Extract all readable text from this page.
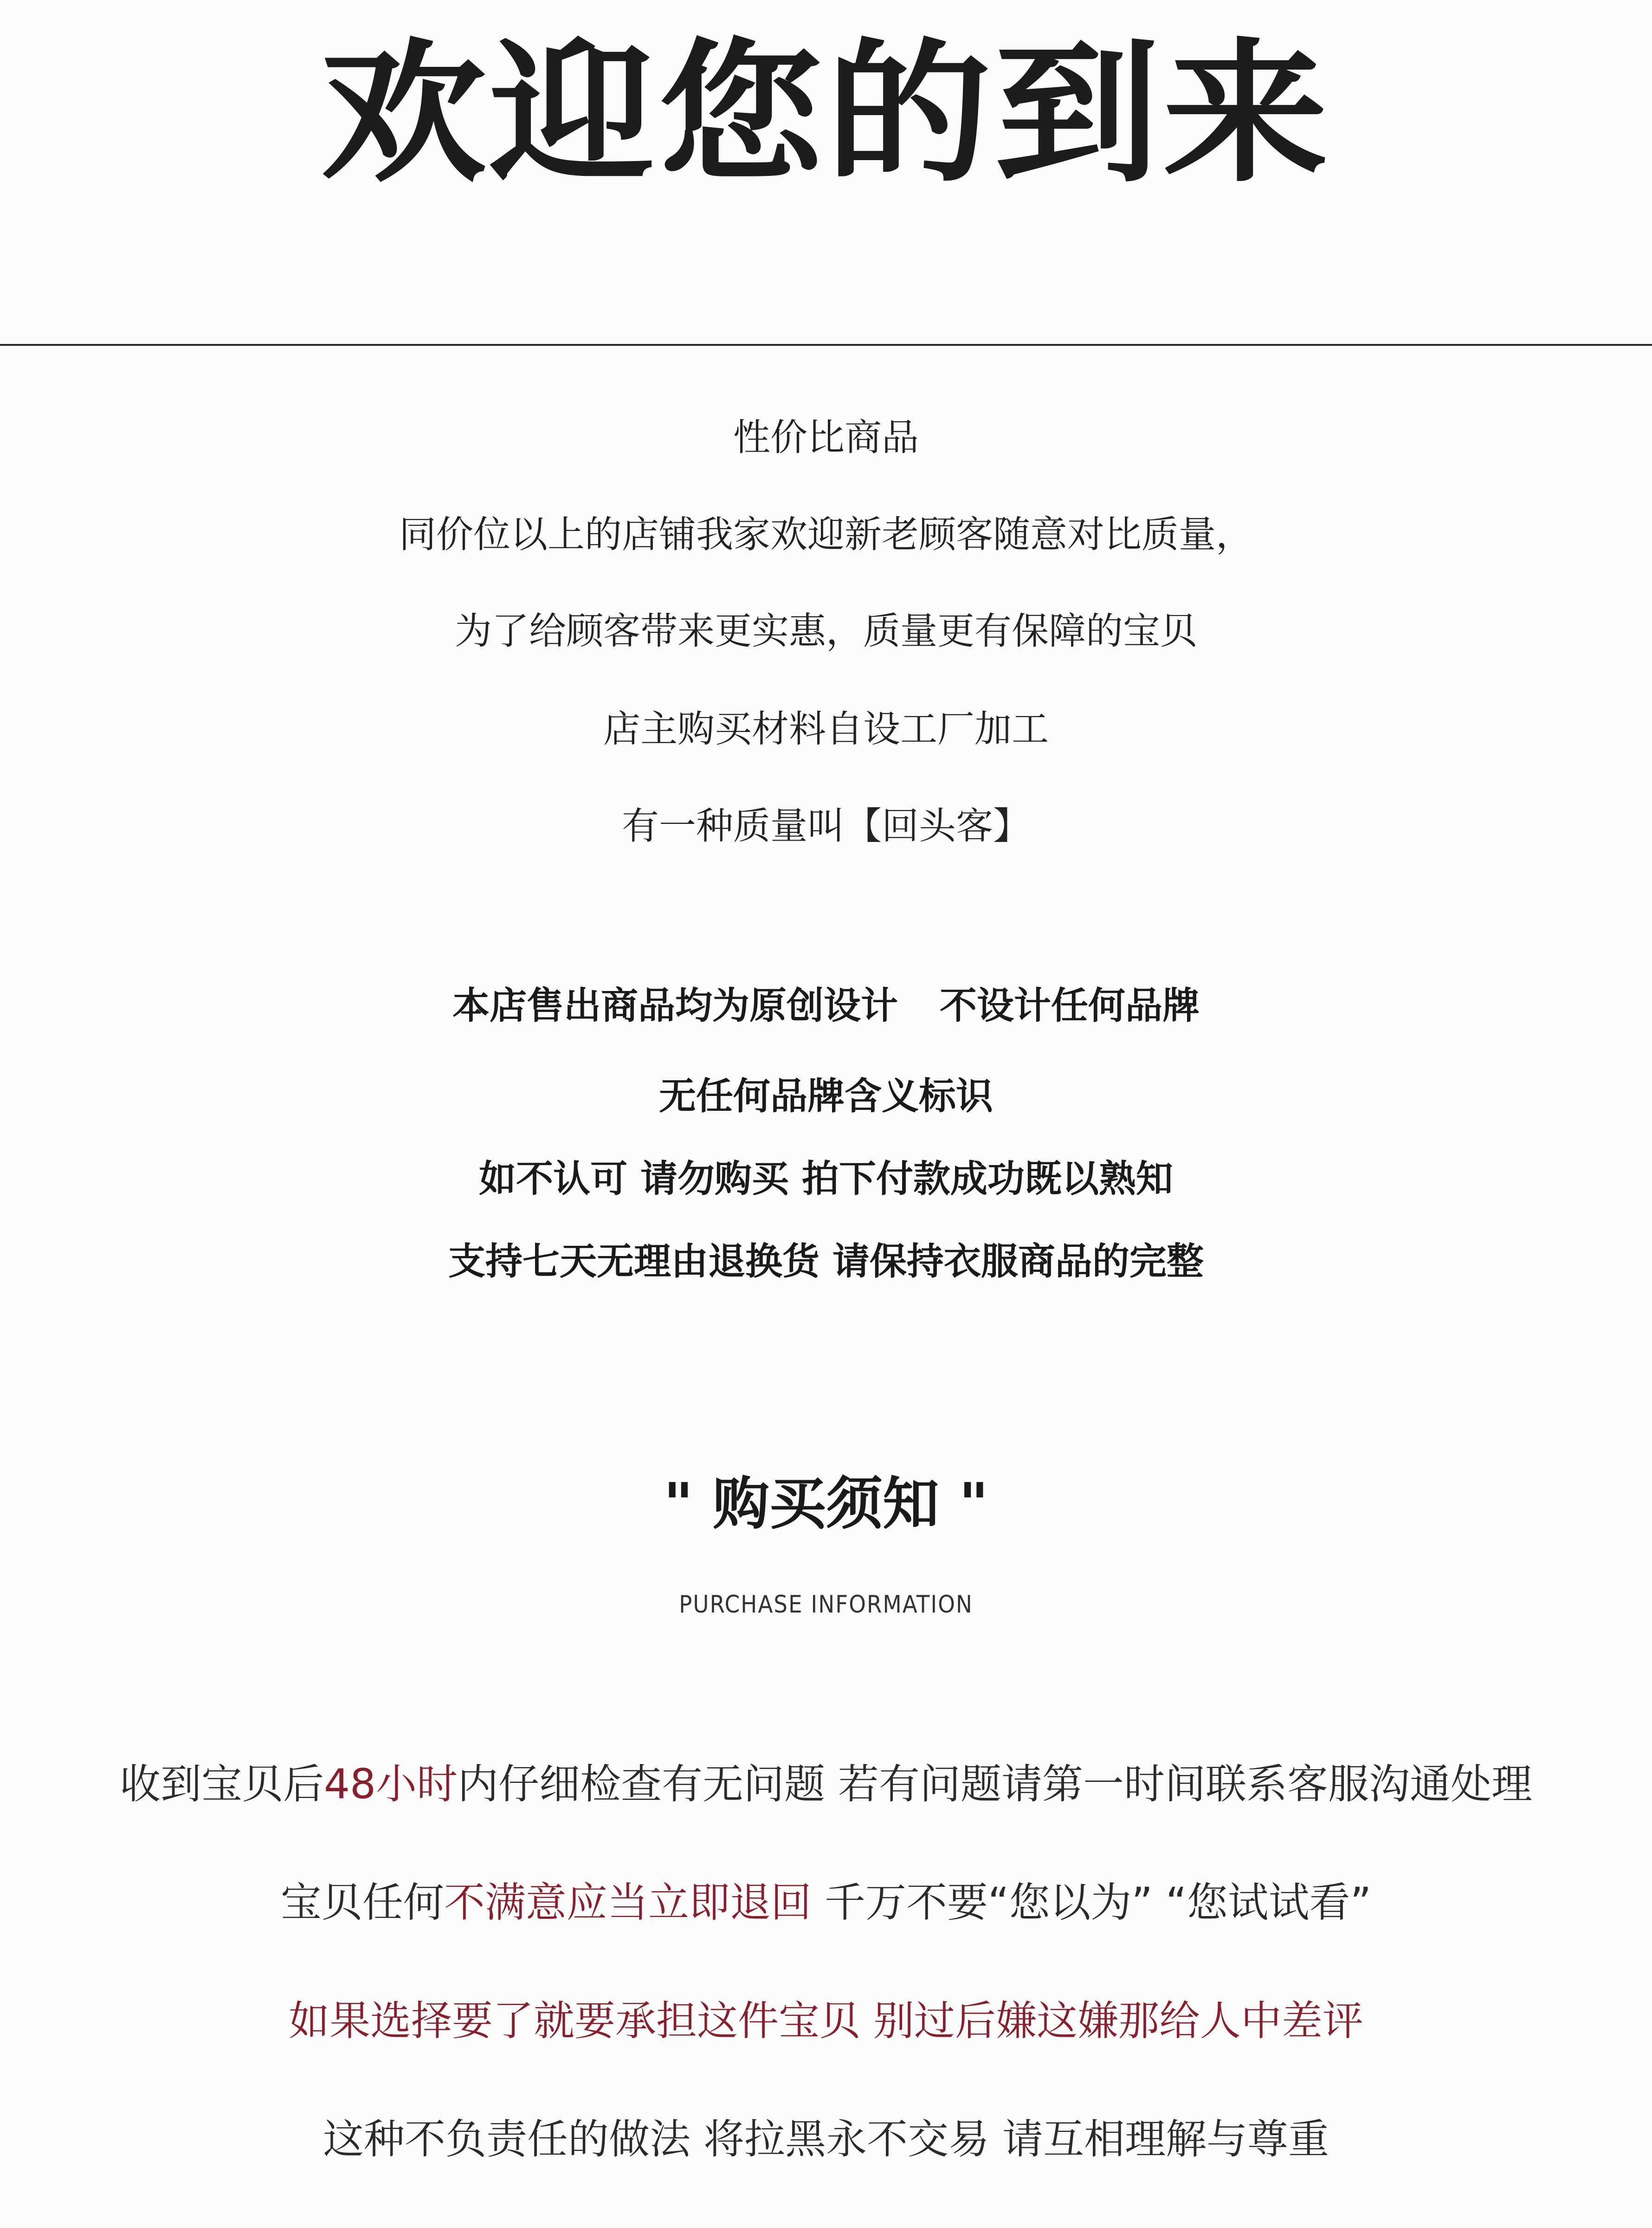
欢迎您的到来
性价比商品
同价位以上的店铺我家欢迎新老顾客随意对比质量，
为了给顾客带来更实惠，质量更有保障的宝贝
店主购买材料自设工厂加工
有一种质量叫【回头客】
本店售出商品均为原创设计 不设计任何品牌
无任何品牌含义标识
如不认可 请勿购买 拍下付款成功既以熟知
支持七天无理由退换货 请保持衣服商品的完整
" 购买须知 "
PURCHASE INFORMATION
收到宝贝后48小时内仔细检查有无问题 若有问题请第一时间联系客服沟通处理
宝贝任何不满意应当立即退回 千万不要“您以为” “您试试看”
如果选择要了就要承担这件宝贝 别过后嫌这嫌那给人中差评
这种不负责任的做法 将拉黑永不交易 请互相理解与尊重
